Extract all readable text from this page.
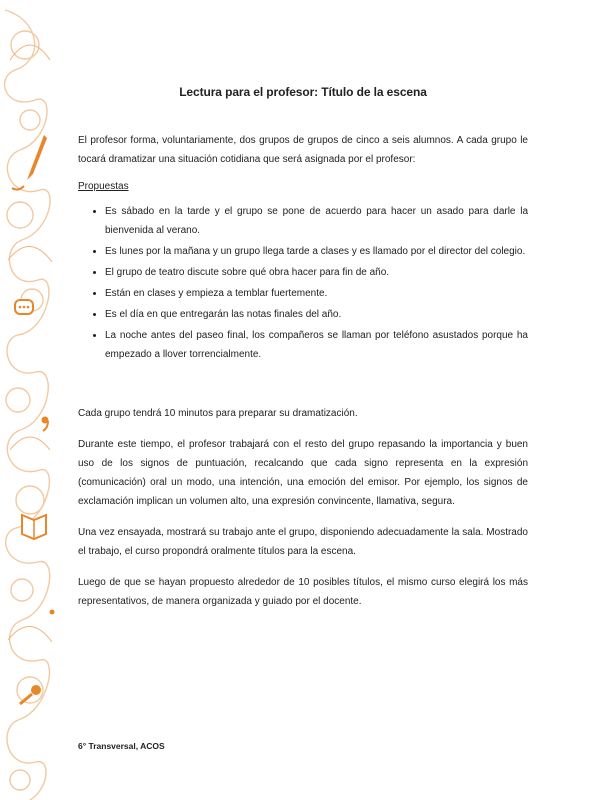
Lectura para el profesor: Título de la escena

El profesor forma, voluntariamente, dos grupos de grupos de cinco a seis alumnos. A cada grupo le tocará dramatizar una situación cotidiana que será asignada por el profesor:

Propuestas
• Es sábado en la tarde y el grupo se pone de acuerdo para hacer un asado para darle la bienvenida al verano.
• Es lunes por la mañana y un grupo llega tarde a clases y es llamado por el director del colegio.
• El grupo de teatro discute sobre qué obra hacer para fin de año.
• Están en clases y empieza a temblar fuertemente.
• Es el día en que entregarán las notas finales del año.
• La noche antes del paseo final, los compañeros se llaman por teléfono asustados porque ha empezado a llover torrencialmente.

Cada grupo tendrá 10 minutos para preparar su dramatización.

Durante este tiempo, el profesor trabajará con el resto del grupo repasando la importancia y buen uso de los signos de puntuación, recalcando que cada signo representa en la expresión (comunicación) oral un modo, una intención, una emoción del emisor. Por ejemplo, los signos de exclamación implican un volumen alto, una expresión convincente, llamativa, segura.

Una vez ensayada, mostrará su trabajo ante el grupo, disponiendo adecuadamente la sala. Mostrado el trabajo, el curso propondrá oralmente títulos para la escena.

Luego de que se hayan propuesto alrededor de 10 posibles títulos, el mismo curso elegirá los más representativos, de manera organizada y guiado por el docente.

6° Transversal, ACOS
